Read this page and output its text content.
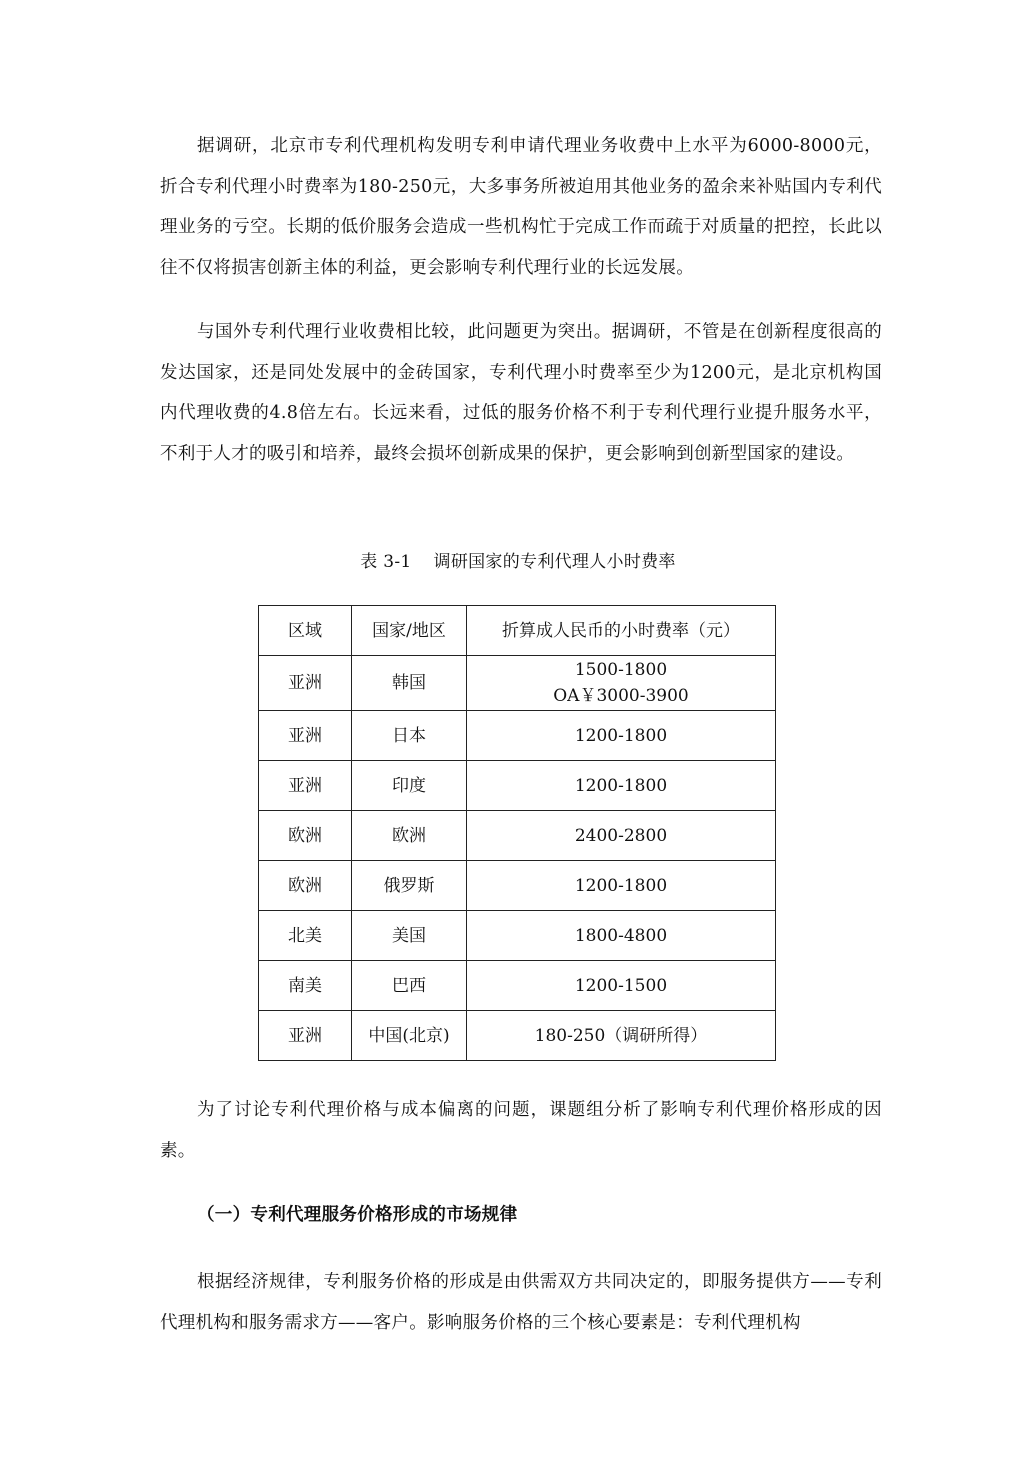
据调研，北京市专利代理机构发明专利申请代理业务收费中上水平为6000-8000元，折合专利代理小时费率为180-250元，大多事务所被迫用其他业务的盈余来补贴国内专利代理业务的亏空。长期的低价服务会造成一些机构忙于完成工作而疏于对质量的把控，长此以往不仅将损害创新主体的利益，更会影响专利代理行业的长远发展。

与国外专利代理行业收费相比较，此问题更为突出。据调研，不管是在创新程度很高的发达国家，还是同处发展中的金砖国家，专利代理小时费率至少为1200元，是北京机构国内代理收费的4.8倍左右。长远来看，过低的服务价格不利于专利代理行业提升服务水平，不利于人才的吸引和培养，最终会损坏创新成果的保护，更会影响到创新型国家的建设。

表 3-1 调研国家的专利代理人小时费率
区域	国家/地区	折算成人民币的小时费率（元）
亚洲	韩国	1500-1800
OA￥3000-3900

亚洲	日本	1200-1800
亚洲	印度	1200-1800
欧洲	欧洲	2400-2800
欧洲	俄罗斯	1200-1800
北美	美国	1800-4800
南美	巴西	1200-1500
亚洲	中国(北京)	180-250（调研所得）

为了讨论专利代理价格与成本偏离的问题，课题组分析了影响专利代理价格形成的因素。

（一）专利代理服务价格形成的市场规律

根据经济规律，专利服务价格的形成是由供需双方共同决定的，即服务提供方——专利代理机构和服务需求方——客户。影响服务价格的三个核心要素是：专利代理机构
